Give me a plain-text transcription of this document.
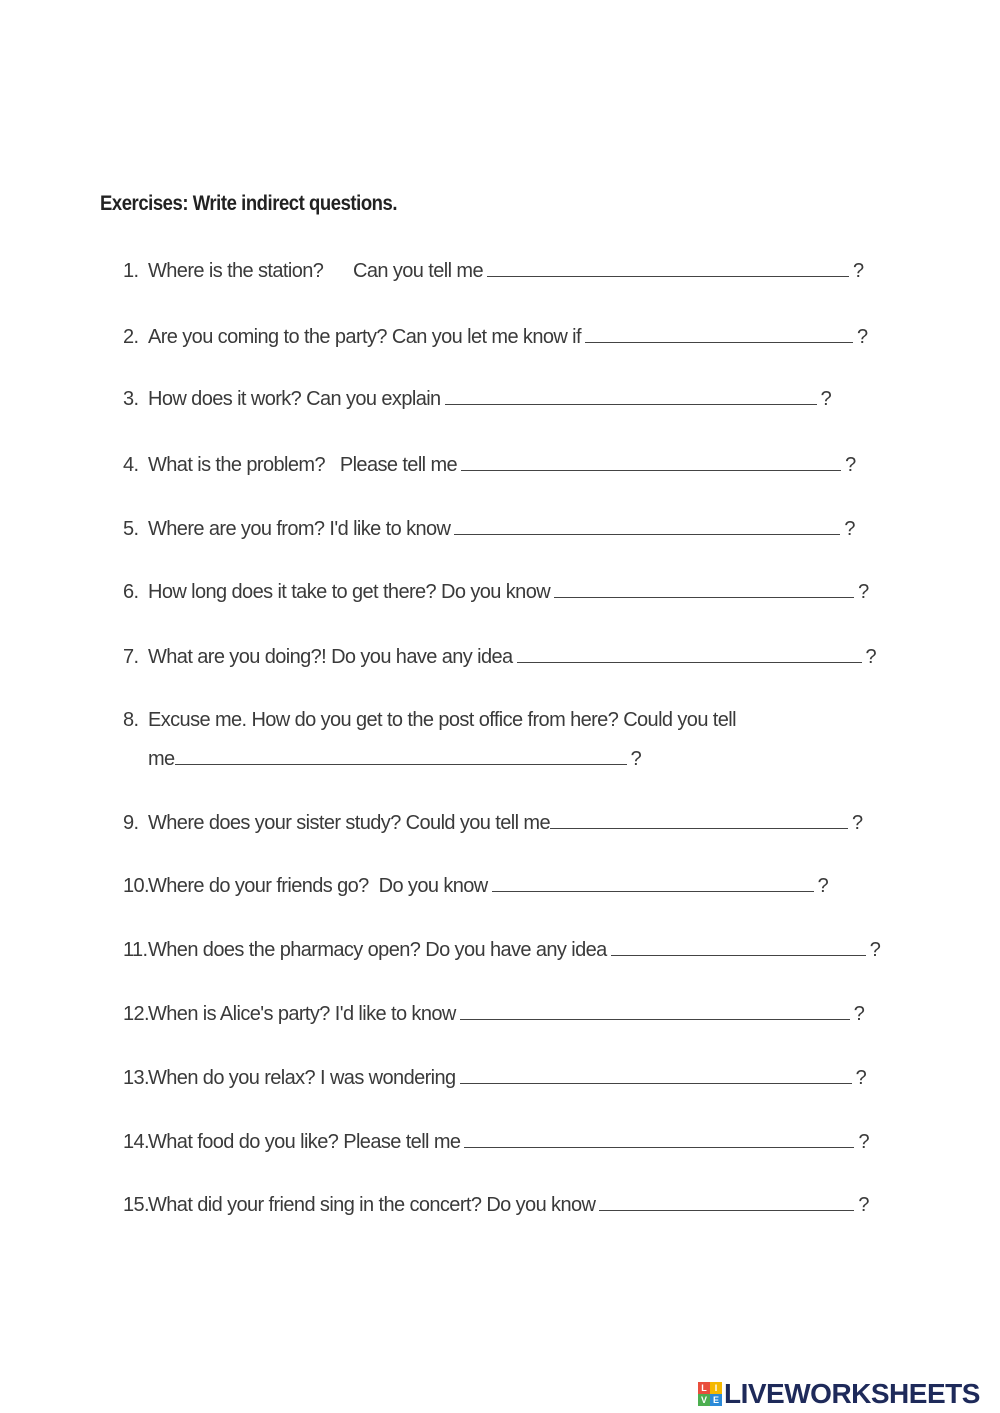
Exercises: Write indirect questions.
1. Where is the station?      Can you tell me	?
2. Are you coming to the party? Can you let me know if	?
3. How does it work? Can you explain	?
4. What is the problem?   Please tell me	?
5. Where are you from? I'd like to know	?
6. How long does it take to get there? Do you know	?
7. What are you doing?! Do you have any idea	?
8. Excuse me. How do you get to the post office from here? Could you tell
me	?
9. Where does your sister study? Could you tell me	?
10.
Where do your friends go?  Do you know	?
11. When does the pharmacy open? Do you have any idea	?
12.
When is Alice's party? I'd like to know	?
13.
When do you relax? I was wondering	?
14.
What food do you like? Please tell me	?
15.
What did your friend sing in the concert? Do you know	?
L I
V E LIVEWORKSHEETS
